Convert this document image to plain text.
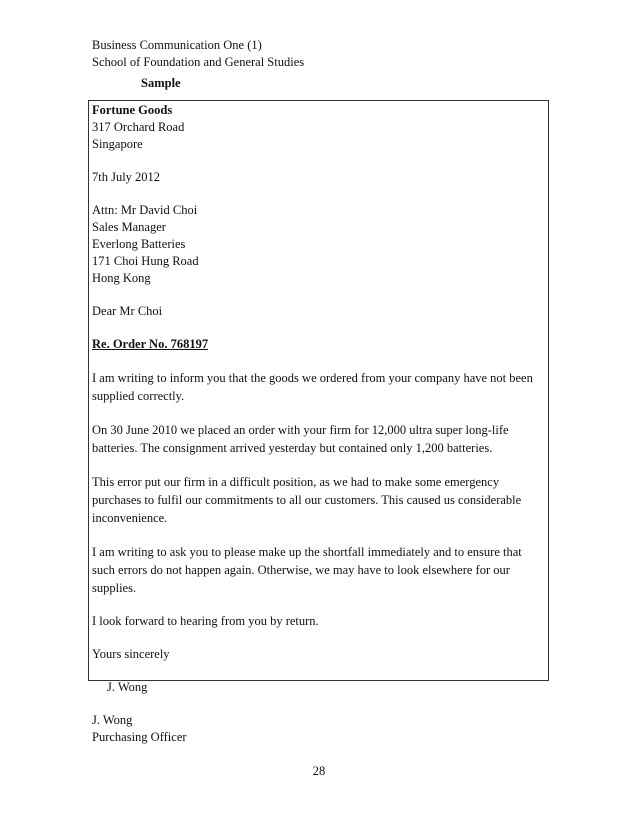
Business Communication One (1)
School of Foundation and General Studies
Sample
Fortune Goods
317 Orchard Road
Singapore
7th July 2012
Attn: Mr David Choi
Sales Manager
Everlong Batteries
171 Choi Hung Road
Hong Kong
Dear Mr Choi
Re. Order No. 768197
I am writing to inform you that the goods we ordered from your company have not been supplied correctly.
On 30 June 2010 we placed an order with your firm for 12,000 ultra super long-life batteries. The consignment arrived yesterday but contained only 1,200 batteries.
This error put our firm in a difficult position, as we had to make some emergency purchases to fulfil our commitments to all our customers. This caused us considerable inconvenience.
I am writing to ask you to please make up the shortfall immediately and to ensure that such errors do not happen again. Otherwise, we may have to look elsewhere for our supplies.
I look forward to hearing from you by return.
Yours sincerely
J. Wong
J. Wong
Purchasing Officer
28
